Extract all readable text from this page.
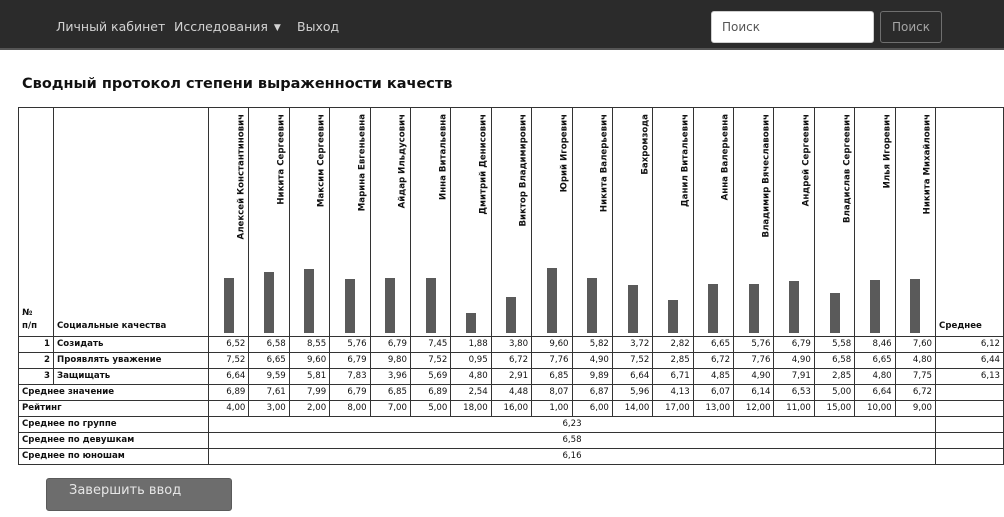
Личный кабинет Исследования ▼ Выход
Поиск	Поиск
Сводный протокол степени выраженности качеств
№
п/п	Социальные качества	Алексей Константинович	Никита Сергеевич	Максим Сергеевич	Марина Евгеньевна	Айдар Ильдусович	Инна Витальевна	Дмитрий Денисович	Виктор Владимирович	Юрий Игоревич	Никита Валерьевич	Бахромзода	Данил Витальевич	Анна Валерьевна	Владимир Вячеславович	Андрей Сергеевич	Владислав Сергеевич	Илья Игоревич	Никита Михайлович	Среднее
1	Созидать	6,52	6,58	8,55	5,76	6,79	7,45	1,88	3,80	9,60	5,82	3,72	2,82	6,65	5,76	6,79	5,58	8,46	7,60	6,12
2	Проявлять уважение	7,52	6,65	9,60	6,79	9,80	7,52	0,95	6,72	7,76	4,90	7,52	2,85	6,72	7,76	4,90	6,58	6,65	4,80	6,44
3	Защищать	6,64	9,59	5,81	7,83	3,96	5,69	4,80	2,91	6,85	9,89	6,64	6,71	4,85	4,90	7,91	2,85	4,80	7,75	6,13
Среднее значение		6,89	7,61	7,99	6,79	6,85	6,89	2,54	4,48	8,07	6,87	5,96	4,13	6,07	6,14	6,53	5,00	6,64	6,72	
Рейтинг		4,00	3,00	2,00	8,00	7,00	5,00	18,00	16,00	1,00	6,00	14,00	17,00	13,00	12,00	11,00	15,00	10,00	9,00	
Среднее по группе		6,23																		
Среднее по девушкам		6,58																		
Среднее по юношам		6,16																		
Завершить ввод
